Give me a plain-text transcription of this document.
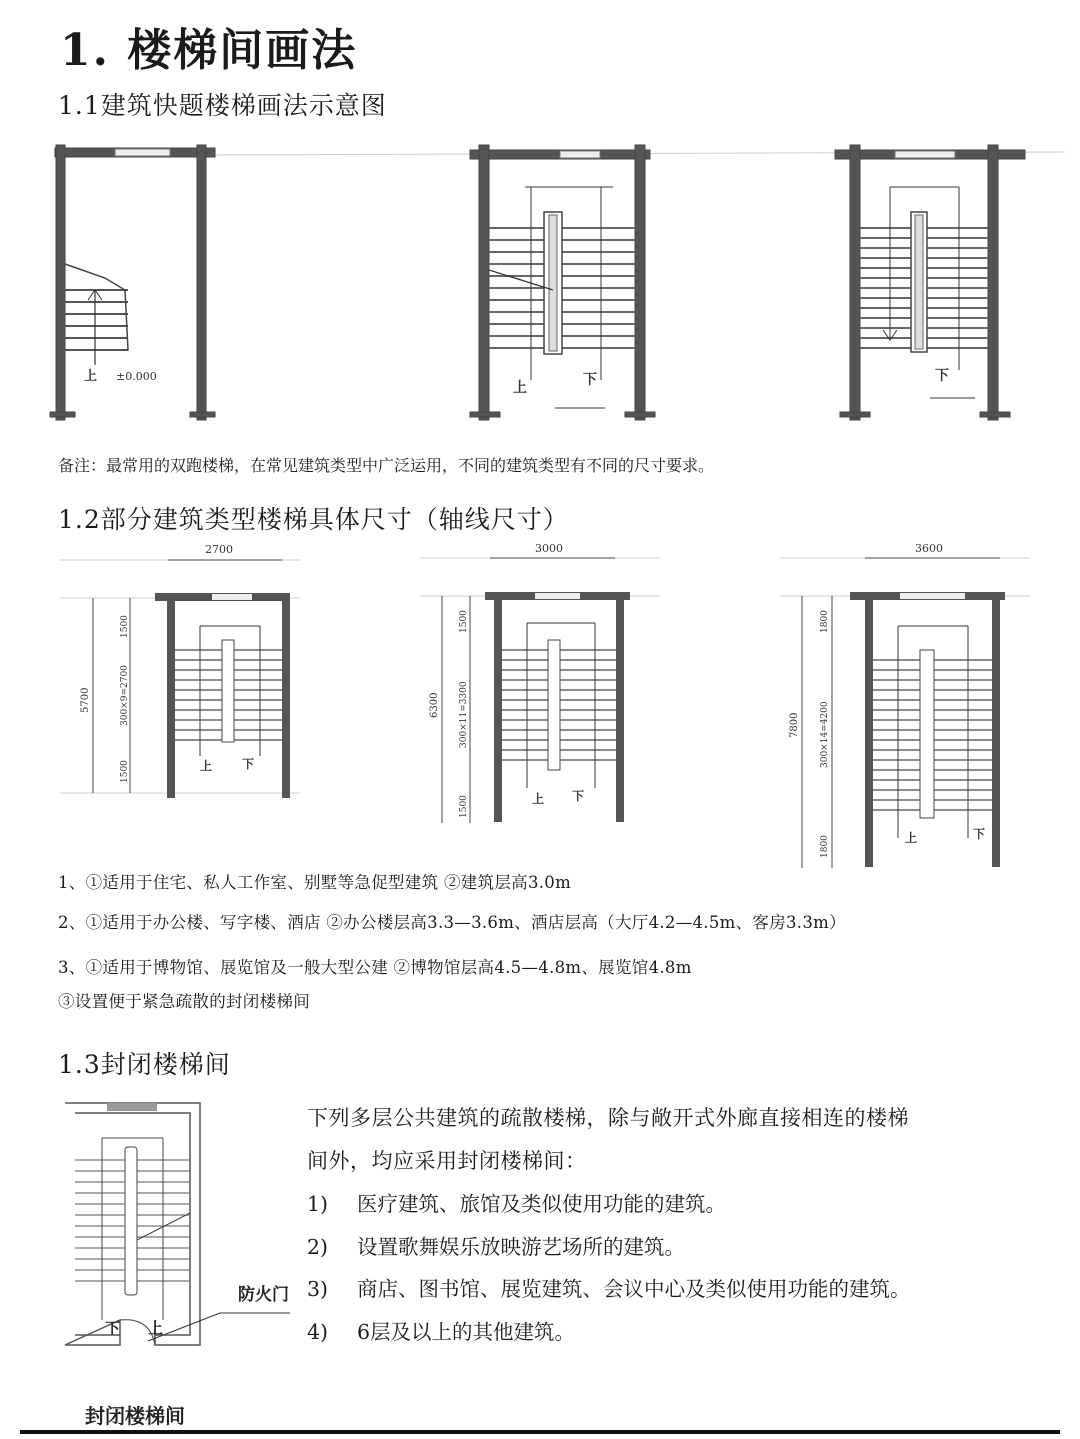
1. 楼梯间画法
1.1建筑快题楼梯画法示意图
上 ±0.000
上	下	下
备注：最常用的双跑楼梯，在常见建筑类型中广泛运用，不同的建筑类型有不同的尺寸要求。
1.2部分建筑类型楼梯具体尺寸（轴线尺寸）
2700
5700
1500
300×9=2700
1500	上 下
3000
6300
1500
300×11=3300
1500	上 下
3600
7800
1800
300×14=4200
1800	上	下
1、①适用于住宅、私人工作室、别墅等急促型建筑 ②建筑层高3.0m
2、①适用于办公楼、写字楼、酒店 ②办公楼层高3.3—3.6m、酒店层高（大厅4.2—4.5m、客房3.3m）
3、①适用于博物馆、展览馆及一般大型公建 ②博物馆层高4.5—4.8m、展览馆4.8m
③设置便于紧急疏散的封闭楼梯间
1.3封闭楼梯间
下 上
防火门
封闭楼梯间
下列多层公共建筑的疏散楼梯，除与敞开式外廊直接相连的楼梯
间外，均应采用封闭楼梯间：
1) 医疗建筑、旅馆及类似使用功能的建筑。
2) 设置歌舞娱乐放映游艺场所的建筑。
3) 商店、图书馆、展览建筑、会议中心及类似使用功能的建筑。
4) 6层及以上的其他建筑。
